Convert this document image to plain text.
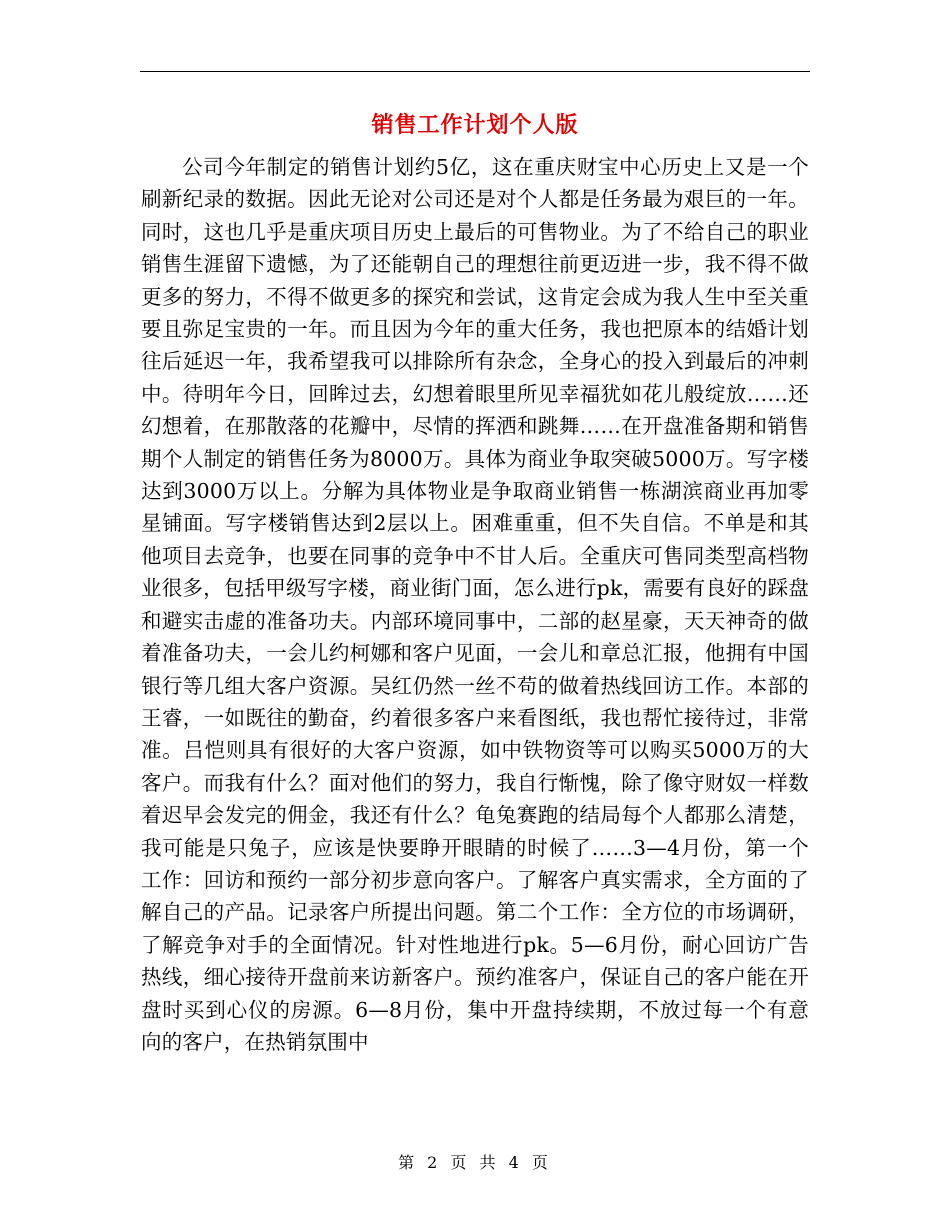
销售工作计划个人版

公司今年制定的销售计划约5亿，这在重庆财宝中心历史上又是一个刷新纪录的数据。因此无论对公司还是对个人都是任务最为艰巨的一年。同时，这也几乎是重庆项目历史上最后的可售物业。为了不给自己的职业销售生涯留下遗憾，为了还能朝自己的理想往前更迈进一步，我不得不做更多的努力，不得不做更多的探究和尝试，这肯定会成为我人生中至关重要且弥足宝贵的一年。而且因为今年的重大任务，我也把原本的结婚计划往后延迟一年，我希望我可以排除所有杂念，全身心的投入到最后的冲刺中。待明年今日，回眸过去，幻想着眼里所见幸福犹如花儿般绽放……还幻想着，在那散落的花瓣中，尽情的挥洒和跳舞……在开盘准备期和销售期个人制定的销售任务为8000万。具体为商业争取突破5000万。写字楼达到3000万以上。分解为具体物业是争取商业销售一栋湖滨商业再加零星铺面。写字楼销售达到2层以上。困难重重，但不失自信。不单是和其他项目去竞争，也要在同事的竞争中不甘人后。全重庆可售同类型高档物业很多，包括甲级写字楼，商业街门面，怎么进行pk，需要有良好的踩盘和避实击虚的准备功夫。内部环境同事中，二部的赵星豪，天天神奇的做着准备功夫，一会儿约柯娜和客户见面，一会儿和章总汇报，他拥有中国银行等几组大客户资源。吴红仍然一丝不苟的做着热线回访工作。本部的王睿，一如既往的勤奋，约着很多客户来看图纸，我也帮忙接待过，非常准。吕恺则具有很好的大客户资源，如中铁物资等可以购买5000万的大客户。而我有什么？面对他们的努力，我自行惭愧，除了像守财奴一样数着迟早会发完的佣金，我还有什么？龟兔赛跑的结局每个人都那么清楚，我可能是只兔子，应该是快要睁开眼睛的时候了……3—4月份，第一个工作：回访和预约一部分初步意向客户。了解客户真实需求，全方面的了解自己的产品。记录客户所提出问题。第二个工作：全方位的市场调研，了解竞争对手的全面情况。针对性地进行pk。5—6月份，耐心回访广告热线，细心接待开盘前来访新客户。预约准客户，保证自己的客户能在开盘时买到心仪的房源。6—8月份，集中开盘持续期，不放过每一个有意向的客户，在热销氛围中

第 2 页 共 4 页
